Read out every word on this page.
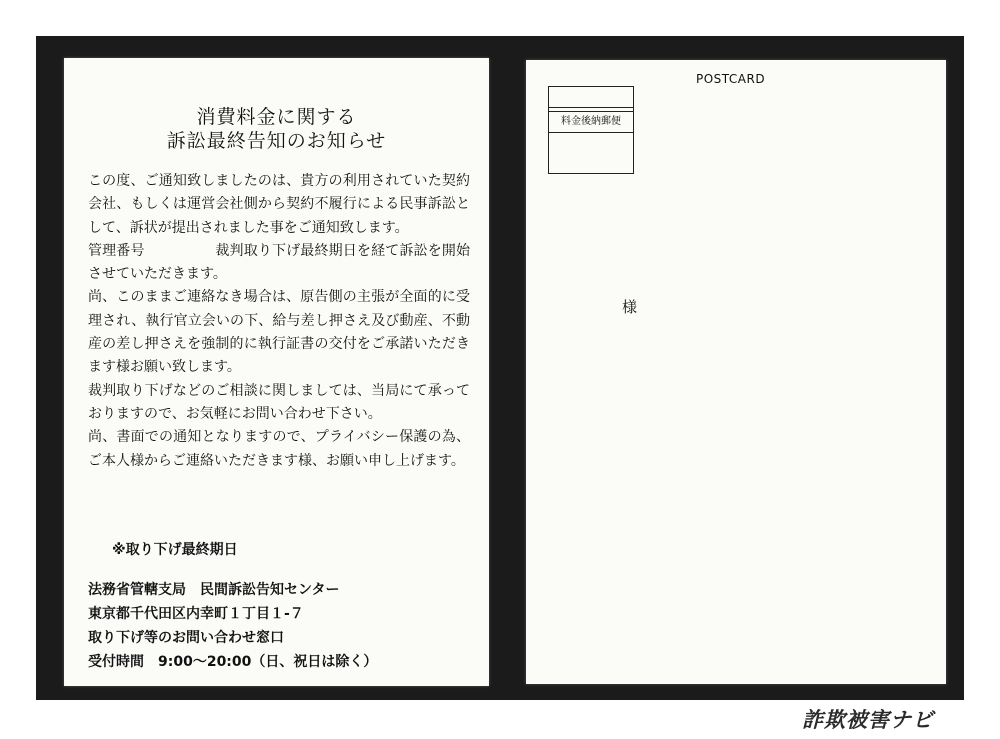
消費料金に関する
訴訟最終告知のお知らせ

この度、ご通知致しましたのは、貴方の利用されていた契約会社、もしくは運営会社側から契約不履行による民事訴訟として、訴状が提出されました事をご通知致します。

管理番号　　　　　裁判取り下げ最終期日を経て訴訟を開始させていただきます。

尚、このままご連絡なき場合は、原告側の主張が全面的に受理され、執行官立会いの下、給与差し押さえ及び動産、不動産の差し押さえを強制的に執行証書の交付をご承諾いただきます様お願い致します。

裁判取り下げなどのご相談に関しましては、当局にて承っておりますので、お気軽にお問い合わせ下さい。

尚、書面での通知となりますので、プライバシー保護の為、ご本人様からご連絡いただきます様、お願い申し上げます。

※取り下げ最終期日
法務省管轄支局　民間訴訟告知センター
東京都千代田区内幸町１丁目１-７
取り下げ等のお問い合わせ窓口
受付時間　9:00〜20:00（日、祝日は除く）
POSTCARD
料金後納郵便
様
詐欺被害ナビ
